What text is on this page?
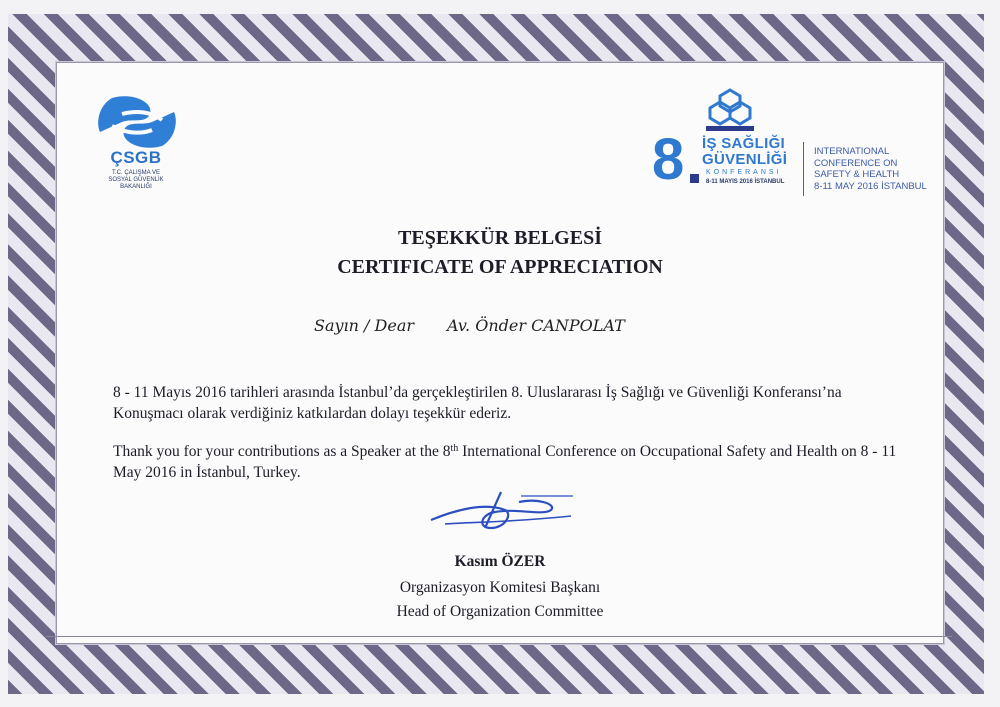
ÇSGB
T.C. ÇALIŞMA VE
SOSYAL GÜVENLİK
BAKANLIĞI	8 İŞ SAĞLIĞI
GÜVENLİĞİ
KONFERANSI
8-11 MAYIS 2016 İSTANBUL
INTERNATIONAL
CONFERENCE ON
SAFETY & HEALTH
8-11 MAY 2016 İSTANBUL
TEŞEKKÜR BELGESİ
CERTIFICATE OF APPRECIATION
Sayın / Dear Av. Önder CANPOLAT
8 - 11 Mayıs 2016 tarihleri arasında İstanbul’da gerçekleştirilen 8. Uluslararası İş Sağlığı ve Güvenliği Konferansı’na Konuşmacı olarak verdiğiniz katkılardan dolayı teşekkür ederiz.
Thank you for your contributions as a Speaker at the 8th International Conference on Occupational Safety and Health on 8 - 11 May 2016 in İstanbul, Turkey.
Kasım ÖZER
Organizasyon Komitesi Başkanı
Head of Organization Committee
